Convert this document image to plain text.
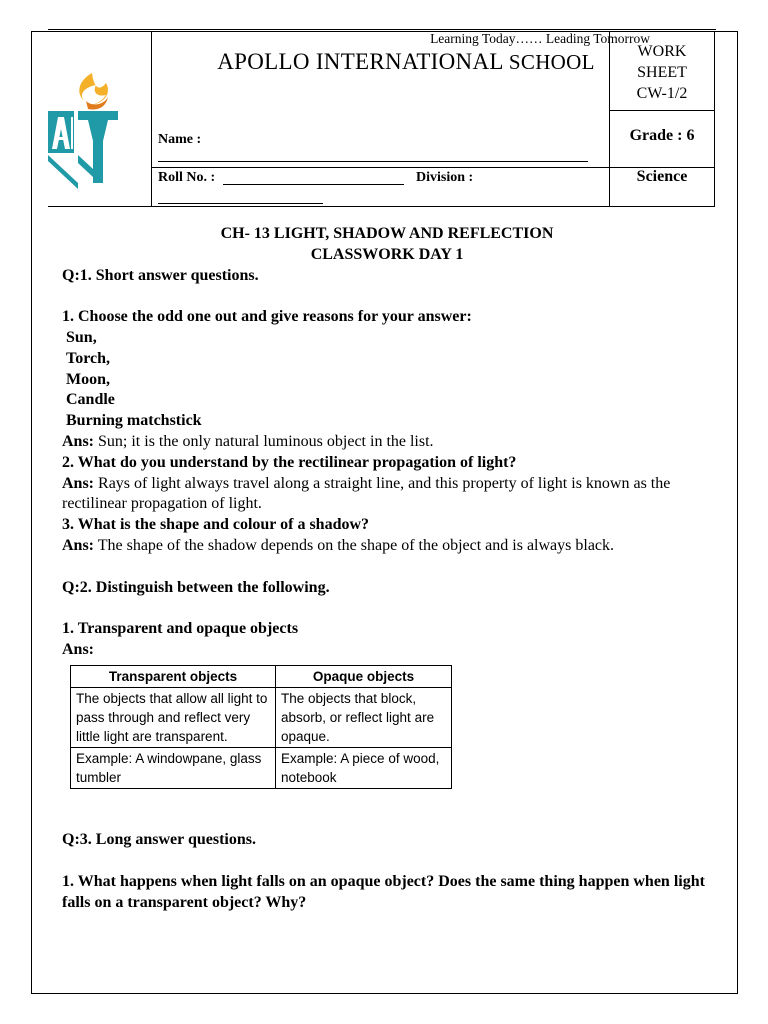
Learning Today…… Leading Tomorrow
APOLLO INTERNATIONAL SCHOOL	WORK
SHEET
CW-1/2
Name :	Grade : 6
Roll No. :	Division :	Science
CH- 13 LIGHT, SHADOW AND REFLECTION
CLASSWORK DAY 1
Q:1. Short answer questions.
1. Choose the odd one out and give reasons for your answer:
Sun,
Torch,
Moon,
Candle
Burning matchstick
Ans: Sun; it is the only natural luminous object in the list.
2. What do you understand by the rectilinear propagation of light?
Ans: Rays of light always travel along a straight line, and this property of light is known as the rectilinear propagation of light.
3. What is the shape and colour of a shadow?
Ans: The shape of the shadow depends on the shape of the object and is always black.
Q:2. Distinguish between the following.
1. Transparent and opaque objects
Ans:
Transparent objects	Opaque objects
The objects that allow all light to pass through and reflect very little light are transparent.	The objects that block, absorb, or reflect light are opaque.
Example: A windowpane, glass tumbler	Example: A piece of wood, notebook
Q:3. Long answer questions.
1. What happens when light falls on an opaque object? Does the same thing happen when light falls on a transparent object? Why?
